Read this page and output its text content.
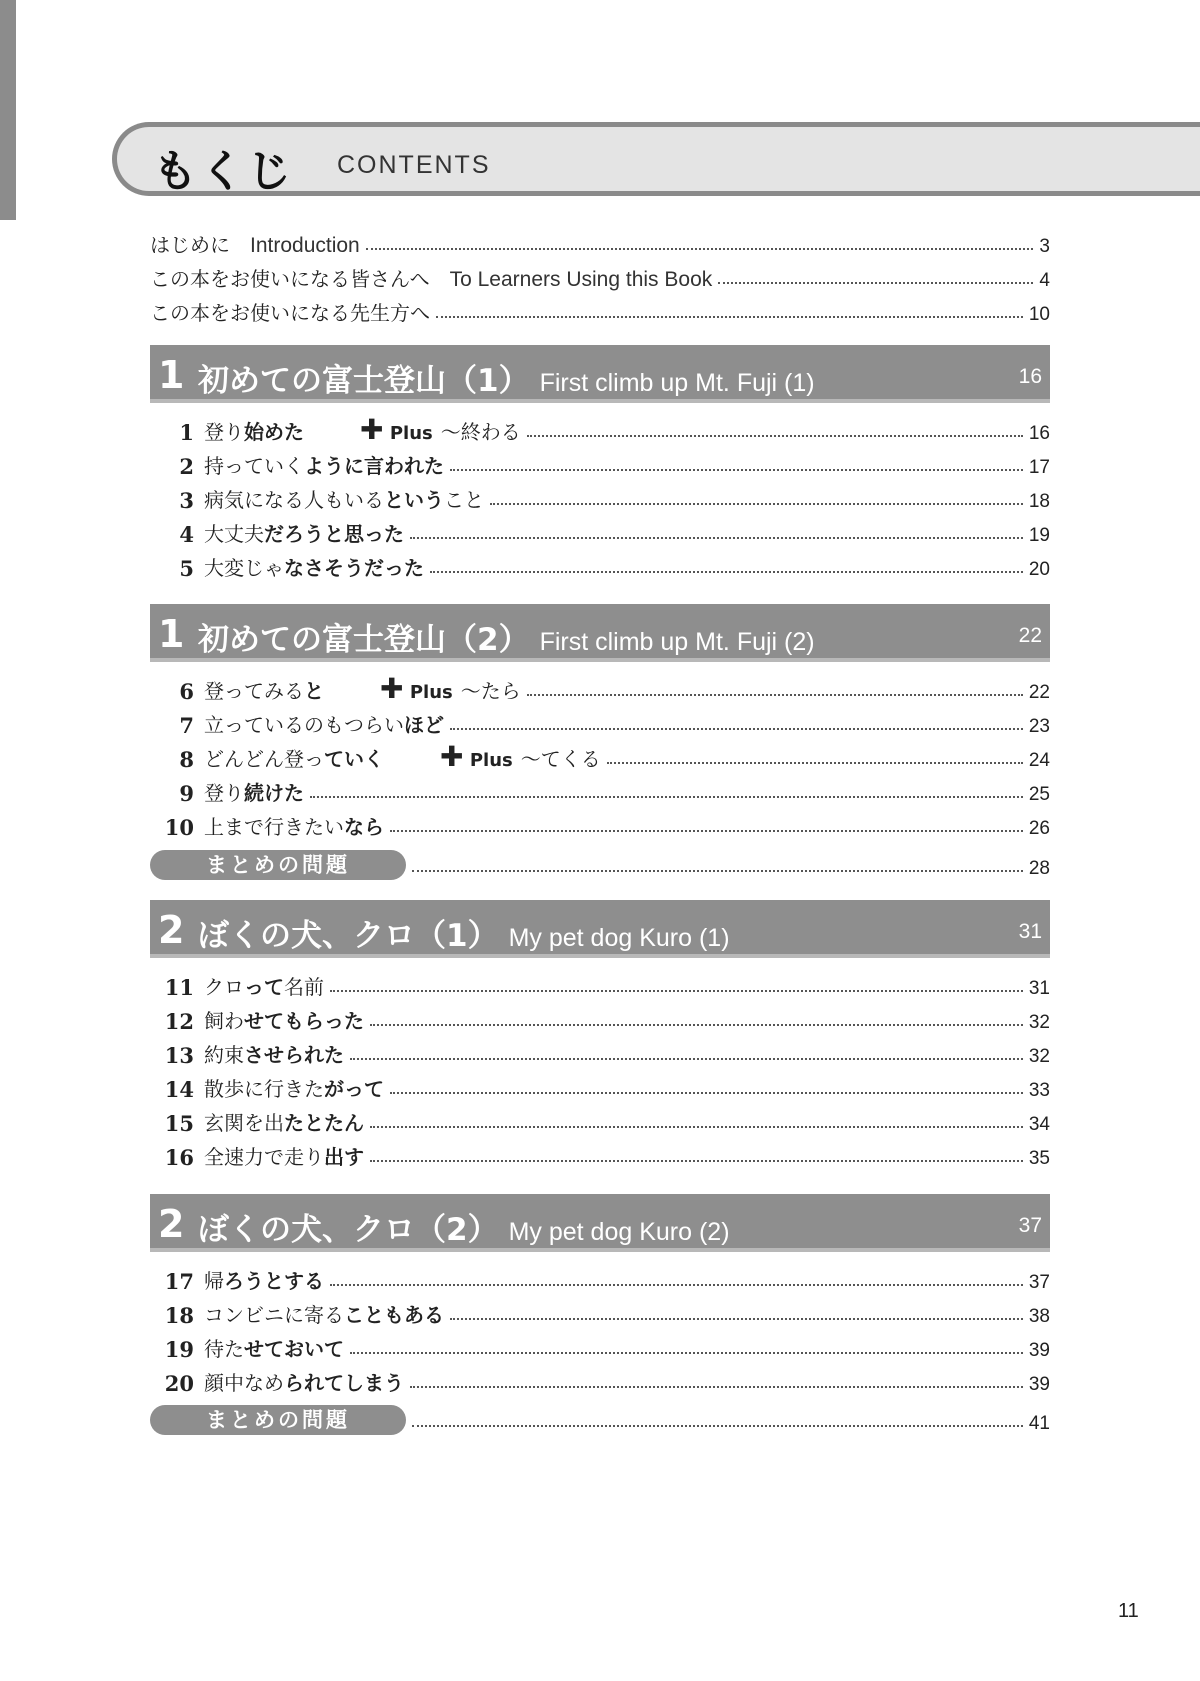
もくじ CONTENTS
はじめに Introduction	3
この本をお使いになる皆さんへ To Learners Using this Book	4
この本をお使いになる先生方へ	10
1 初めての富士登山（1） First climb up Mt. Fuji (1)	16
1 登り始めた ✚ Plus ～終わる	16
2 持っていくように言われた	17
3 病気になる人もいるということ	18
4 大丈夫だろうと思った	19
5 大変じゃなさそうだった	20
1 初めての富士登山（2） First climb up Mt. Fuji (2)	22
6 登ってみると ✚ Plus ～たら	22
7 立っているのもつらいほど	23
8 どんどん登っていく ✚ Plus ～てくる	24
9 登り続けた	25
10 上まで行きたいなら	26
まとめの問題	28
2 ぼくの犬、クロ（1） My pet dog Kuro (1)	31
11 クロって名前	31
12 飼わせてもらった	32
13 約束させられた	32
14 散歩に行きたがって	33
15 玄関を出たとたん	34
16 全速力で走り出す	35
2 ぼくの犬、クロ（2） My pet dog Kuro (2)	37
17 帰ろうとする	37
18 コンビニに寄ることもある	38
19 待たせておいて	39
20 顔中なめられてしまう	39
まとめの問題	41
11
